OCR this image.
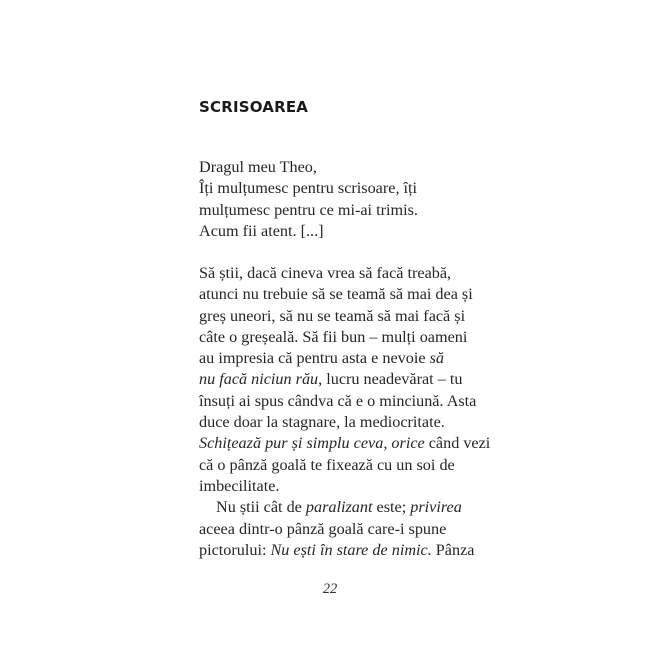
SCRISOAREA
Dragul meu Theo,
Îți mulțumesc pentru scrisoare, îți
mulțumesc pentru ce mi-ai trimis.
Acum fii atent. [...]
Să știi, dacă cineva vrea să facă treabă,
atunci nu trebuie să se teamă să mai dea și
greș uneori, să nu se teamă să mai facă și
câte o greșeală. Să fii bun – mulți oameni
au impresia că pentru asta e nevoie să
nu facă niciun rău, lucru neadevărat – tu
însuți ai spus cândva că e o minciună. Asta
duce doar la stagnare, la mediocritate.
Schițează pur și simplu ceva, orice când vezi
că o pânză goală te fixează cu un soi de
imbecilitate.
Nu știi cât de paralizant este; privirea
aceea dintr-o pânză goală care-i spune
pictorului: Nu ești în stare de nimic. Pânza
22
